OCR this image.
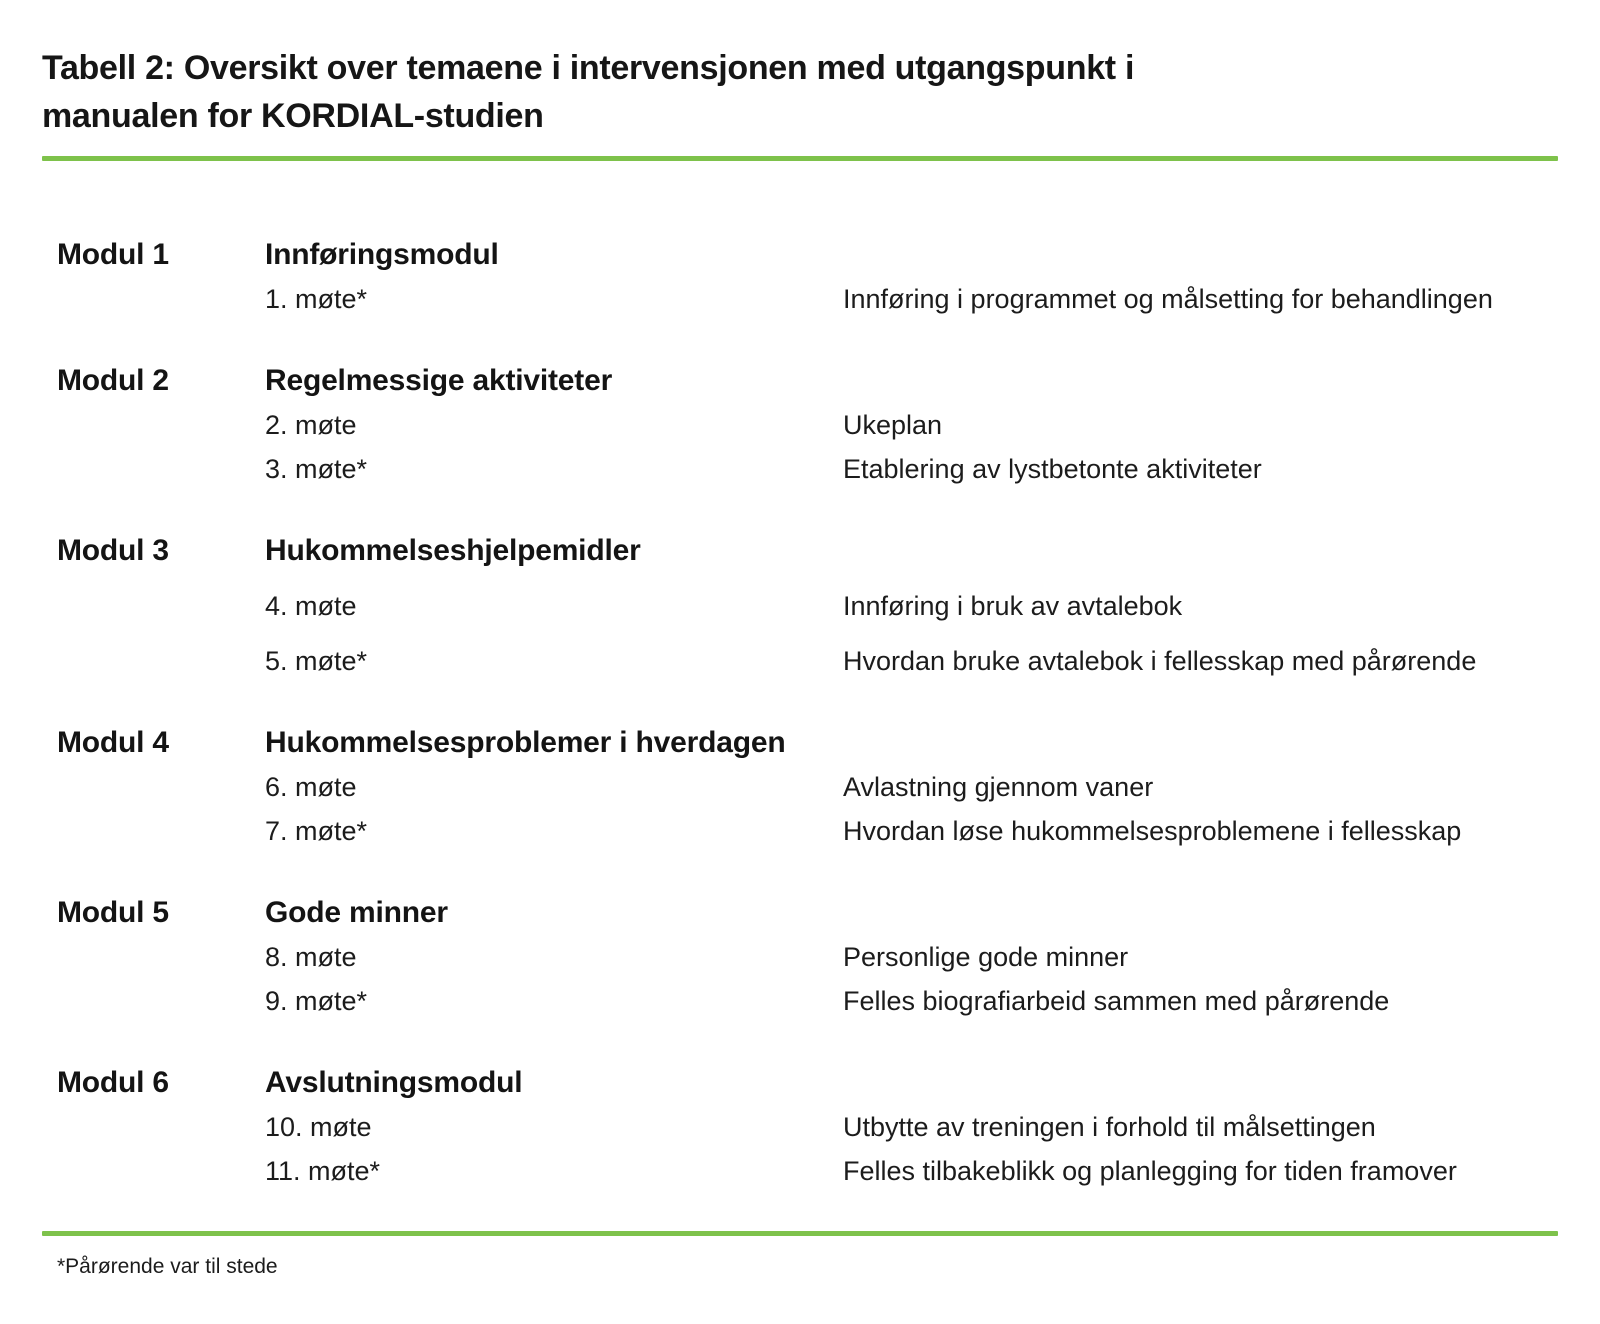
Tabell 2: Oversikt over temaene i intervensjonen med utgangspunkt i manualen for KORDIAL-studien
Modul 1	Innføringsmodul
1. møte*	Innføring i programmet og målsetting for behandlingen
Modul 2	Regelmessige aktiviteter
2. møte	Ukeplan
3. møte*	Etablering av lystbetonte aktiviteter
Modul 3	Hukommelseshjelpemidler
4. møte	Innføring i bruk av avtalebok
5. møte*	Hvordan bruke avtalebok i fellesskap med pårørende
Modul 4	Hukommelsesproblemer i hverdagen
6. møte	Avlastning gjennom vaner
7. møte*	Hvordan løse hukommelsesproblemene i fellesskap
Modul 5	Gode minner
8. møte	Personlige gode minner
9. møte*	Felles biografiarbeid sammen med pårørende
Modul 6	Avslutningsmodul
10. møte	Utbytte av treningen i forhold til målsettingen
11. møte*	Felles tilbakeblikk og planlegging for tiden framover
*Pårørende var til stede
